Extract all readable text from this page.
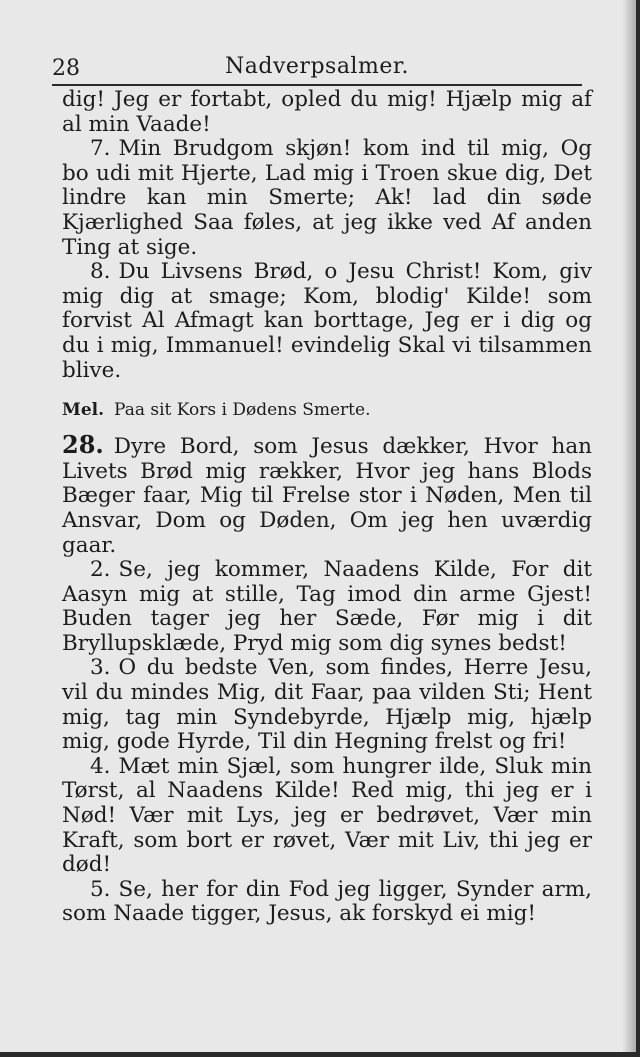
28	Nadverpsalmer.

dig! Jeg er fortabt, opled du mig! Hjælp mig af al min Vaade!

7. Min Brudgom skjøn! kom ind til mig, Og bo udi mit Hjerte, Lad mig i Troen skue dig, Det lindre kan min Smerte; Ak! lad din søde Kjærlighed Saa føles, at jeg ikke ved Af anden Ting at sige.

8. Du Livsens Brød, o Jesu Christ! Kom, giv mig dig at smage; Kom, blodig' Kilde! som forvist Al Afmagt kan borttage, Jeg er i dig og du i mig, Immanuel! evindelig Skal vi tilsammen blive.

Mel. Paa sit Kors i Dødens Smerte.

28. Dyre Bord, som Jesus dækker, Hvor han Livets Brød mig rækker, Hvor jeg hans Blods Bæger faar, Mig til Frelse stor i Nøden, Men til Ansvar, Dom og Døden, Om jeg hen uværdig gaar.

2. Se, jeg kommer, Naadens Kilde, For dit Aasyn mig at stille, Tag imod din arme Gjest! Buden tager jeg her Sæde, Før mig i dit Bryllupsklæde, Pryd mig som dig synes bedst!

3. O du bedste Ven, som findes, Herre Jesu, vil du mindes Mig, dit Faar, paa vilden Sti; Hent mig, tag min Syndebyrde, Hjælp mig, hjælp mig, gode Hyrde, Til din Hegning frelst og fri!

4. Mæt min Sjæl, som hungrer ilde, Sluk min Tørst, al Naadens Kilde! Red mig, thi jeg er i Nød! Vær mit Lys, jeg er bedrøvet, Vær min Kraft, som bort er røvet, Vær mit Liv, thi jeg er død!

5. Se, her for din Fod jeg ligger, Synder arm, som Naade tigger, Jesus, ak forskyd ei mig!
